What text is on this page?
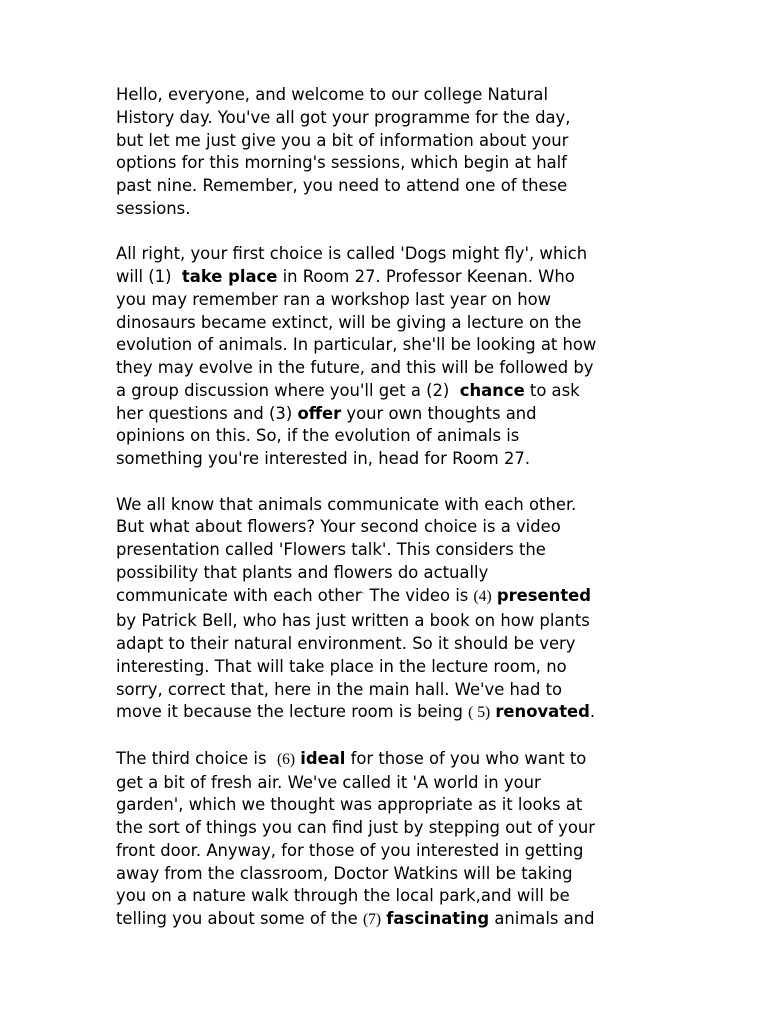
Hello, everyone, and welcome to our college Natural
History day. You've all got your programme for the day,
but let me just give you a bit of information about your
options for this morning's sessions, which begin at half
past nine. Remember, you need to attend one of these
sessions.

All right, your first choice is called 'Dogs might fly', which
will (1)  take place in Room 27. Professor Keenan. Who
you may remember ran a workshop last year on how
dinosaurs became extinct, will be giving a lecture on the
evolution of animals. In particular, she'll be looking at how
they may evolve in the future, and this will be followed by
a group discussion where you'll get a (2)  chance to ask
her questions and (3) offer your own thoughts and
opinions on this. So, if the evolution of animals is
something you're interested in, head for Room 27.

We all know that animals communicate with each other.
But what about flowers? Your second choice is a video
presentation called 'Flowers talk'. This considers the
possibility that plants and flowers do actually
communicate with each other· The video is (4) presented
by Patrick Bell, who has just written a book on how plants
adapt to their natural environment. So it should be very
interesting. That will take place in the lecture room, no
sorry, correct that, here in the main hall. We've had to
move it because the lecture room is being ( 5) renovated.

The third choice is  (6) ideal for those of you who want to
get a bit of fresh air. We've called it 'A world in your
garden', which we thought was appropriate as it looks at
the sort of things you can find just by stepping out of your
front door. Anyway, for those of you interested in getting
away from the classroom, Doctor Watkins will be taking
you on a nature walk through the local park,and will be
telling you about some of the (7) fascinating animals and
